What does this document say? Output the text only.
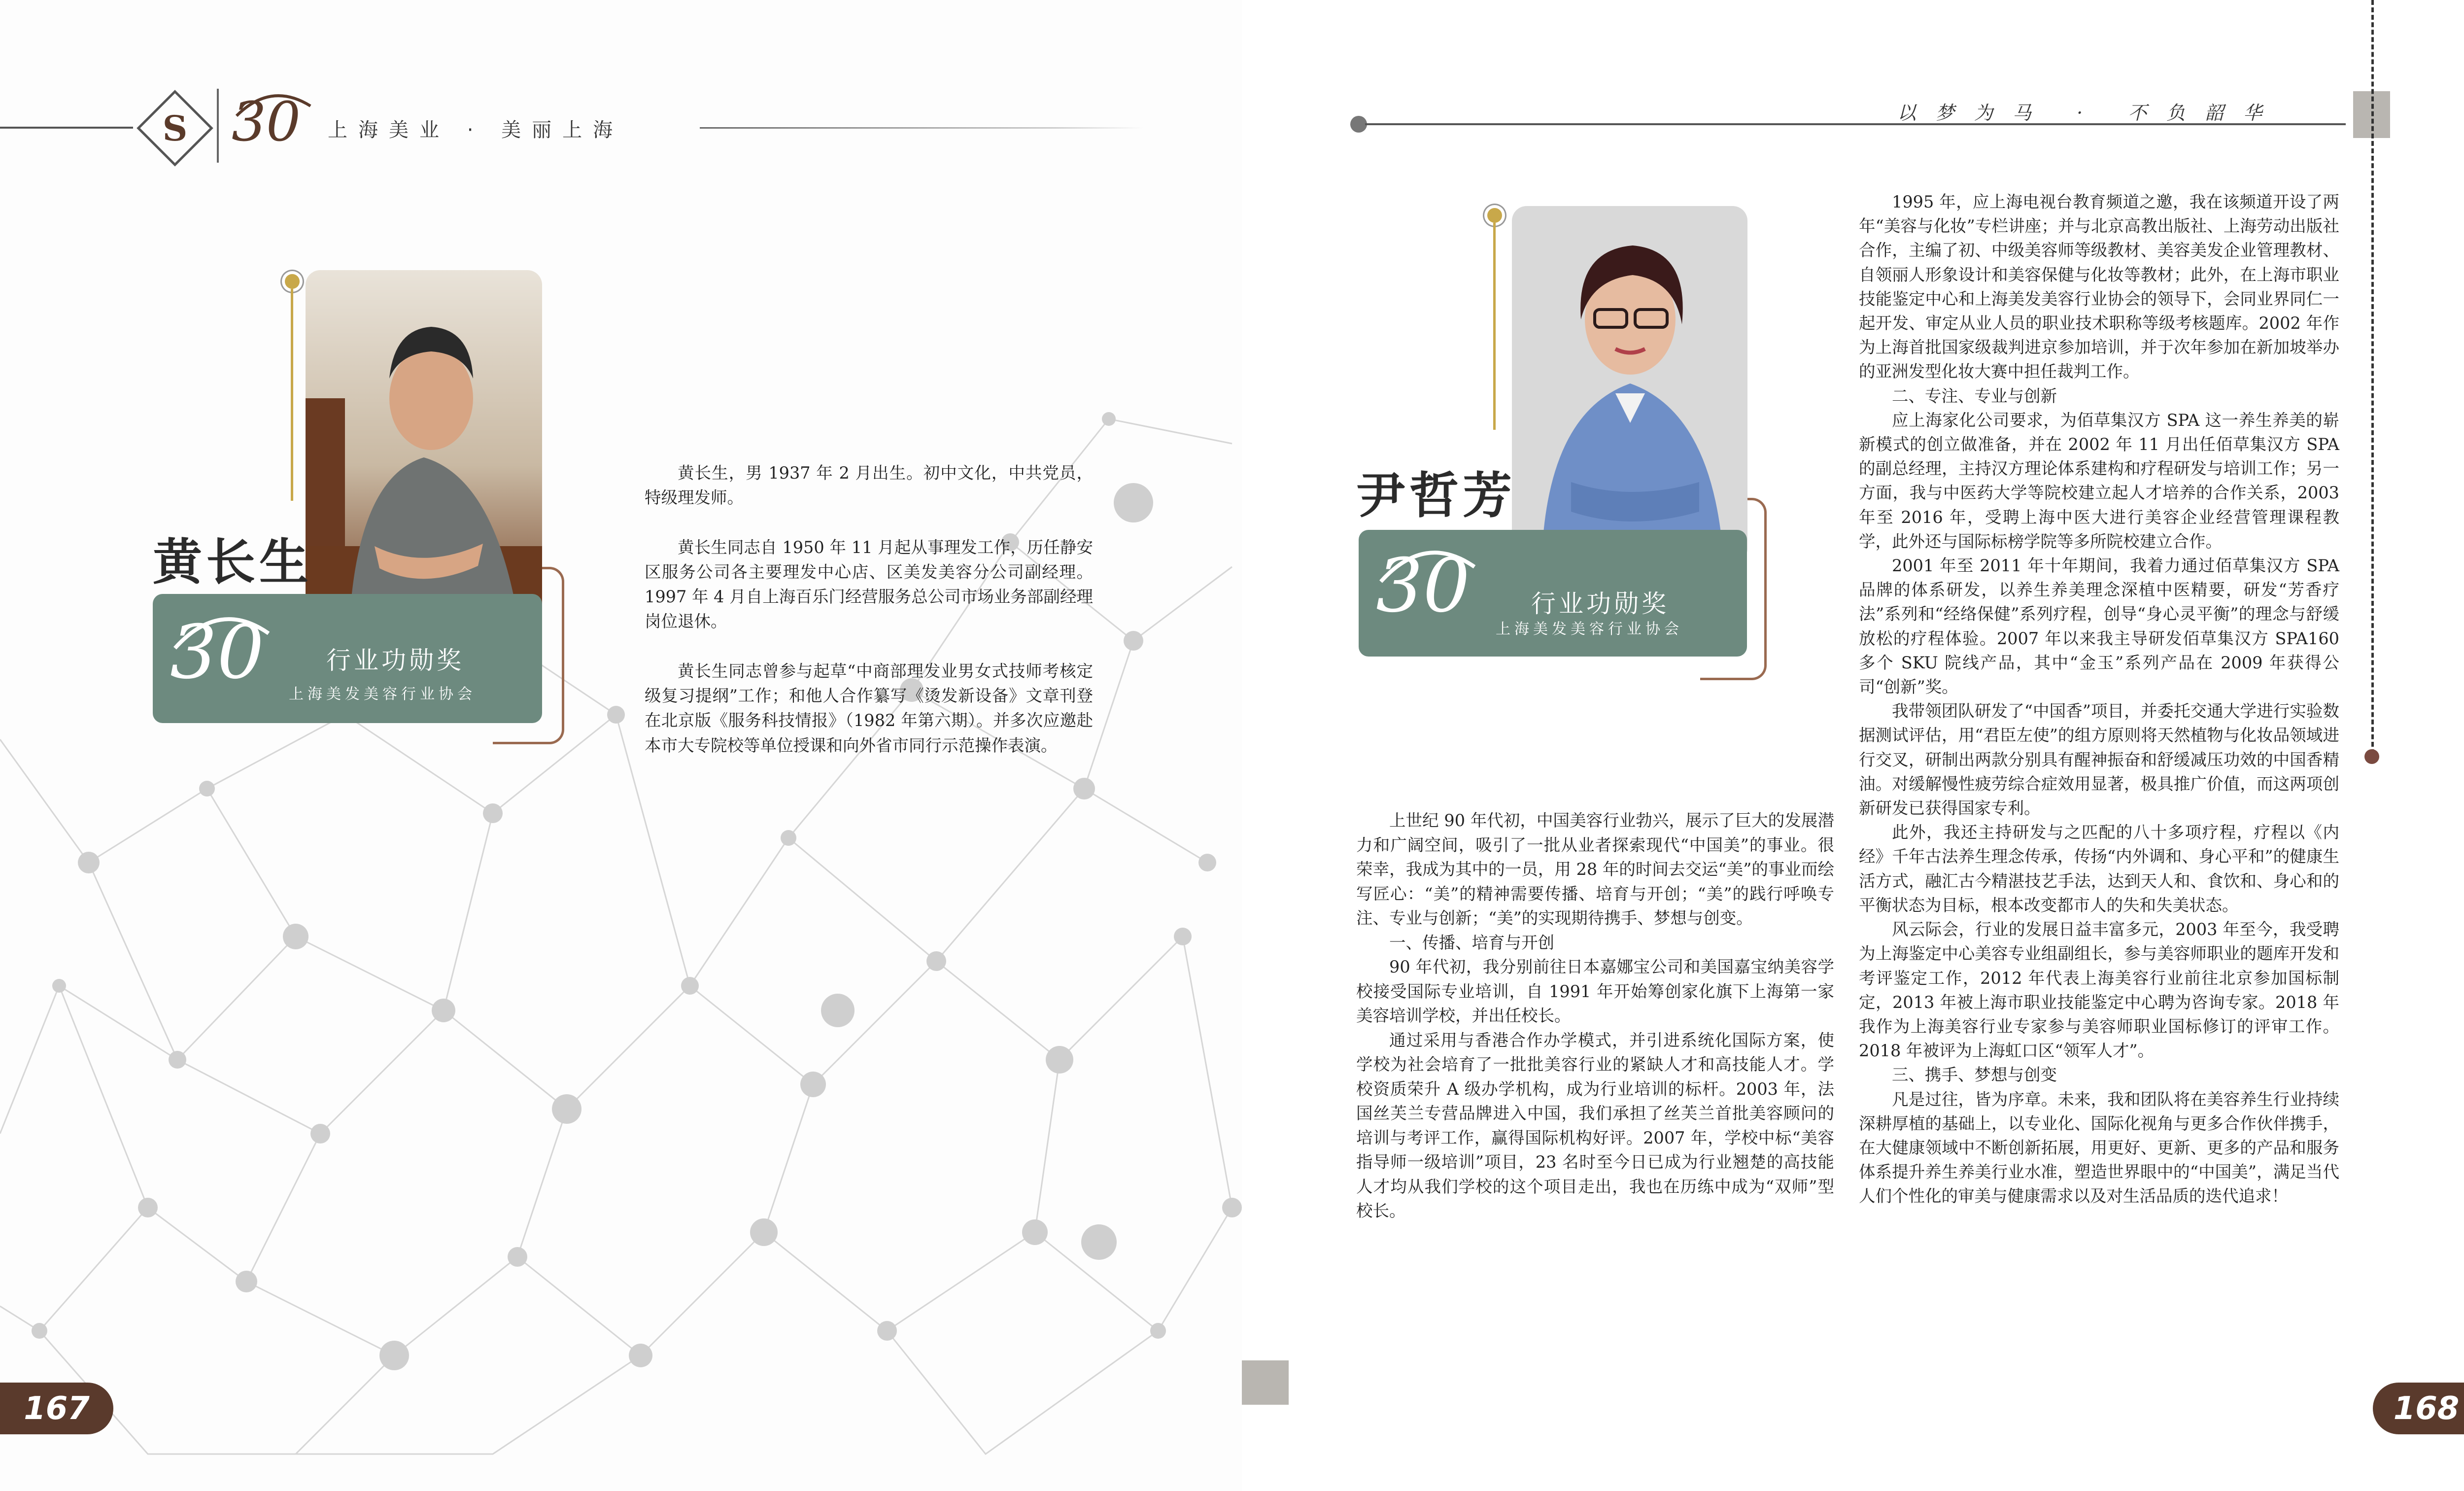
S 30 上海美业 · 美丽上海
黄长生
30	行业功勋奖
上海美发美容行业协会

黄长生，男 1937 年 2 月出生。初中文化，中共党员，特级理发师。

黄长生同志自 1950 年 11 月起从事理发工作，历任静安区服务公司各主要理发中心店、区美发美容分公司副经理。1997 年 4 月自上海百乐门经营服务总公司市场业务部副经理岗位退休。

黄长生同志曾参与起草“中商部理发业男女式技师考核定级复习提纲”工作；和他人合作纂写《烫发新设备》文章刊登在北京版《服务科技情报》（1982 年第六期）。并多次应邀赴本市大专院校等单位授课和向外省市同行示范操作表演。

167
以梦为马 · 不负韶华
尹哲芳
30 行业功勋奖
上海美发美容行业协会

上世纪 90 年代初，中国美容行业勃兴，展示了巨大的发展潜力和广阔空间，吸引了一批从业者探索现代“中国美”的事业。很荣幸，我成为其中的一员，用 28 年的时间去交运“美”的事业而绘写匠心：“美”的精神需要传播、培育与开创；“美”的践行呼唤专注、专业与创新；“美”的实现期待携手、梦想与创变。

一、传播、培育与开创

90 年代初，我分别前往日本嘉娜宝公司和美国嘉宝纳美容学校接受国际专业培训，自 1991 年开始筹创家化旗下上海第一家美容培训学校，并出任校长。

通过采用与香港合作办学模式，并引进系统化国际方案，使学校为社会培育了一批批美容行业的紧缺人才和高技能人才。学校资质荣升 A 级办学机构，成为行业培训的标杆。2003 年，法国丝芙兰专营品牌进入中国，我们承担了丝芙兰首批美容顾问的培训与考评工作，赢得国际机构好评。2007 年，学校中标“美容指导师一级培训”项目，23 名时至今日已成为行业翘楚的高技能人才均从我们学校的这个项目走出，我也在历练中成为“双师”型校长。

1995 年，应上海电视台教育频道之邀，我在该频道开设了两年“美容与化妆”专栏讲座；并与北京高教出版社、上海劳动出版社合作，主编了初、中级美容师等级教材、美容美发企业管理教材、自领丽人形象设计和美容保健与化妆等教材；此外，在上海市职业技能鉴定中心和上海美发美容行业协会的领导下，会同业界同仁一起开发、审定从业人员的职业技术职称等级考核题库。2002 年作为上海首批国家级裁判进京参加培训，并于次年参加在新加坡举办的亚洲发型化妆大赛中担任裁判工作。

二、专注、专业与创新

应上海家化公司要求，为佰草集汉方 SPA 这一养生养美的崭新模式的创立做准备，并在 2002 年 11 月出任佰草集汉方 SPA 的副总经理，主持汉方理论体系建构和疗程研发与培训工作；另一方面，我与中医药大学等院校建立起人才培养的合作关系，2003 年至 2016 年，受聘上海中医大进行美容企业经营管理课程教学，此外还与国际标榜学院等多所院校建立合作。

2001 年至 2011 年十年期间，我着力通过佰草集汉方 SPA 品牌的体系研发，以养生养美理念深植中医精要，研发“芳香疗法”系列和“经络保健”系列疗程，创导“身心灵平衡”的理念与舒缓放松的疗程体验。2007 年以来我主导研发佰草集汉方 SPA160 多个 SKU 院线产品，其中“金玉”系列产品在 2009 年获得公司“创新”奖。

我带领团队研发了“中国香”项目，并委托交通大学进行实验数据测试评估，用“君臣左使”的组方原则将天然植物与化妆品领域进行交叉，研制出两款分别具有醒神振奋和舒缓减压功效的中国香精油。对缓解慢性疲劳综合症效用显著，极具推广价值，而这两项创新研发已获得国家专利。

此外，我还主持研发与之匹配的八十多项疗程，疗程以《内经》千年古法养生理念传承，传扬“内外调和、身心平和”的健康生活方式，融汇古今精湛技艺手法，达到天人和、食饮和、身心和的平衡状态为目标，根本改变都市人的失和失美状态。

风云际会，行业的发展日益丰富多元，2003 年至今，我受聘为上海鉴定中心美容专业组副组长，参与美容师职业的题库开发和考评鉴定工作，2012 年代表上海美容行业前往北京参加国标制定，2013 年被上海市职业技能鉴定中心聘为咨询专家。2018 年我作为上海美容行业专家参与美容师职业国标修订的评审工作。2018 年被评为上海虹口区“领军人才”。

三、携手、梦想与创变

凡是过往，皆为序章。未来，我和团队将在美容养生行业持续深耕厚植的基础上，以专业化、国际化视角与更多合作伙伴携手，在大健康领域中不断创新拓展，用更好、更新、更多的产品和服务体系提升养生养美行业水准，塑造世界眼中的“中国美”，满足当代人们个性化的审美与健康需求以及对生活品质的迭代追求！

168
